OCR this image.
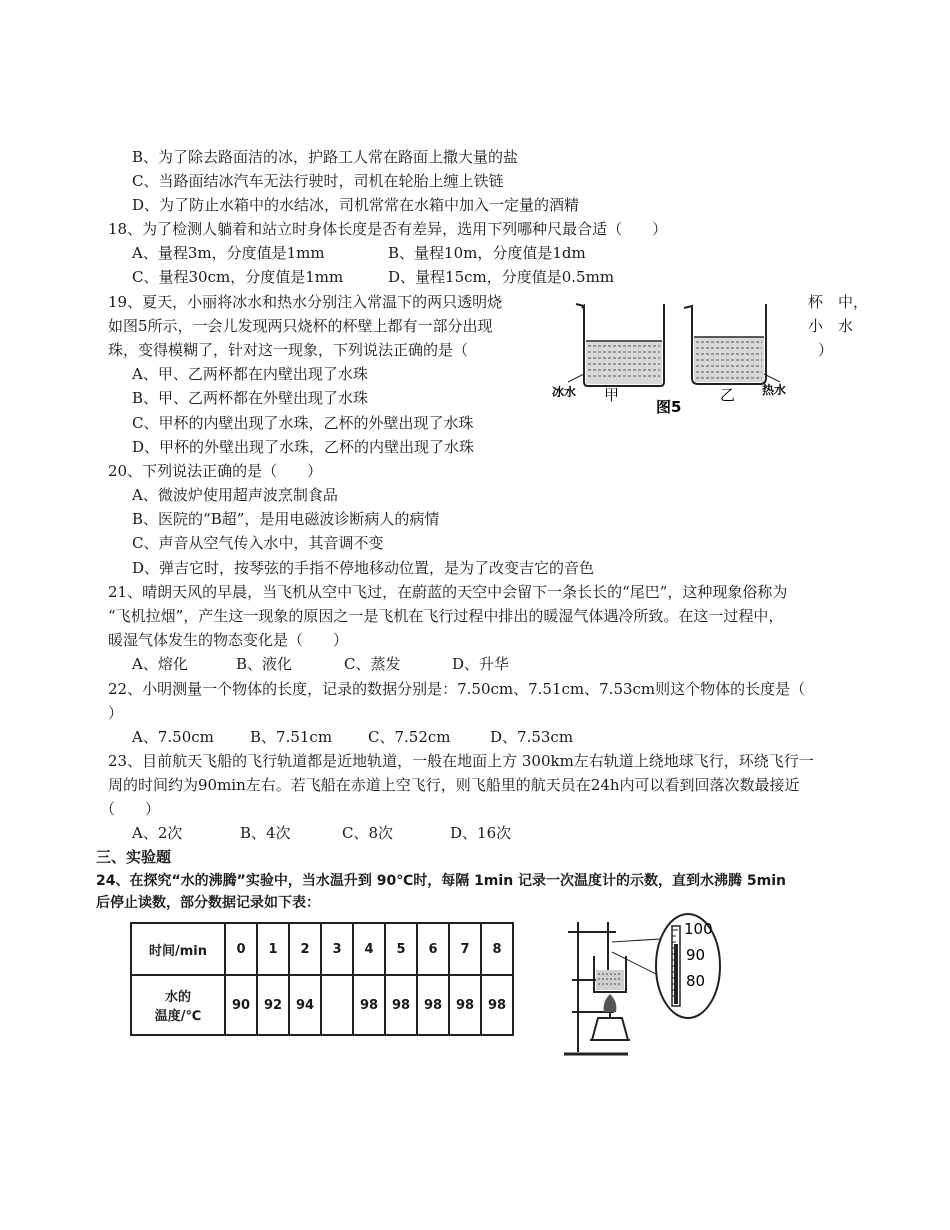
B、为了除去路面洁的冰，护路工人常在路面上撒大量的盐
C、当路面结冰汽车无法行驶时，司机在轮胎上缠上铁链
D、为了防止水箱中的水结冰，司机常常在水箱中加入一定量的酒精
18、为了检测人躺着和站立时身体长度是否有差异，选用下列哪种尺最合适（　　）
A、量程3m，分度值是1mm	B、量程10m，分度值是1dm
C、量程30cm，分度值是1mm	D、量程15cm，分度值是0.5mm
19、夏天，小丽将冰水和热水分别注入常温下的两只透明烧	杯　中，
如图5所示，一会儿发现两只烧杯的杯壁上都有一部分出现	小　水
珠，变得模糊了，针对这一现象，下列说法正确的是（	）
A、甲、乙两杯都在内壁出现了水珠
B、甲、乙两杯都在外壁出现了水珠
C、甲杯的内壁出现了水珠，乙杯的外壁出现了水珠
D、甲杯的外壁出现了水珠，乙杯的内壁出现了水珠
冰水 甲
图5
乙 热水
20、下列说法正确的是（　　）
A、微波炉使用超声波烹制食品
B、医院的“B超”，是用电磁波诊断病人的病情
C、声音从空气传入水中，其音调不变
D、弹吉它时，按琴弦的手指不停地移动位置，是为了改变吉它的音色
21、晴朗天风的早晨，当飞机从空中飞过，在蔚蓝的天空中会留下一条长长的“尾巴”，这种现象俗称为
“飞机拉烟”，产生这一现象的原因之一是飞机在飞行过程中排出的暖湿气体遇冷所致。在这一过程中，
暖湿气体发生的物态变化是（　　）
A、熔化	B、液化	C、蒸发	D、升华
22、小明测量一个物体的长度，记录的数据分别是：7.50cm、7.51cm、7.53cm则这个物体的长度是（
）
A、7.50cm B、7.51cm C、7.52cm	D、7.53cm
23、目前航天飞船的飞行轨道都是近地轨道，一般在地面上方 300km左右轨道上绕地球飞行，环绕飞行一
周的时间约为90min左右。若飞船在赤道上空飞行，则飞船里的航天员在24h内可以看到回落次数最接近
（　　）
A、2次	B、4次	C、8次	D、16次
三、实验题
24、在探究“水的沸腾”实验中，当水温升到 90℃时，每隔 1min 记录一次温度计的示数，直到水沸腾 5min
后停止读数，部分数据记录如下表：
时间/min	0	1	2	3	4	5	6	7	8

水的
温度/℃	90	92	94		98	98	98	98	98
100
90
80
